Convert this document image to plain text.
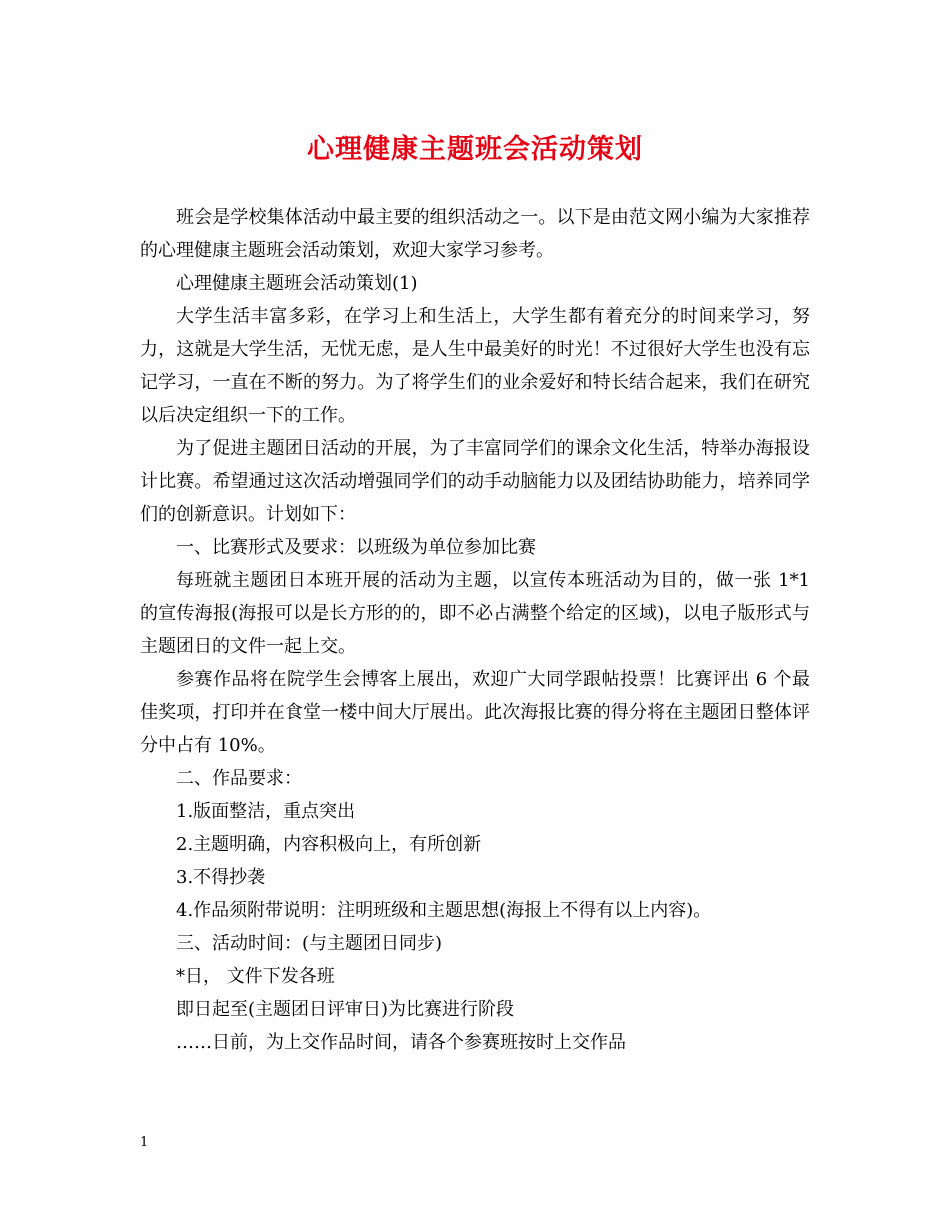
心理健康主题班会活动策划

班会是学校集体活动中最主要的组织活动之一。以下是由范文网小编为大家推荐的心理健康主题班会活动策划，欢迎大家学习参考。

心理健康主题班会活动策划(1)

大学生活丰富多彩，在学习上和生活上，大学生都有着充分的时间来学习，努力，这就是大学生活，无忧无虑，是人生中最美好的时光！不过很好大学生也没有忘记学习，一直在不断的努力。为了将学生们的业余爱好和特长结合起来，我们在研究以后决定组织一下的工作。

为了促进主题团日活动的开展，为了丰富同学们的课余文化生活，特举办海报设计比赛。希望通过这次活动增强同学们的动手动脑能力以及团结协助能力，培养同学们的创新意识。计划如下：

一、比赛形式及要求：以班级为单位参加比赛

每班就主题团日本班开展的活动为主题，以宣传本班活动为目的，做一张 1*1 的宣传海报(海报可以是长方形的的，即不必占满整个给定的区域)，以电子版形式与主题团日的文件一起上交。

参赛作品将在院学生会博客上展出，欢迎广大同学跟帖投票！比赛评出 6 个最佳奖项，打印并在食堂一楼中间大厅展出。此次海报比赛的得分将在主题团日整体评分中占有 10%。

二、作品要求：

1.版面整洁，重点突出

2.主题明确，内容积极向上，有所创新

3.不得抄袭

4.作品须附带说明：注明班级和主题思想(海报上不得有以上内容)。

三、活动时间：(与主题团日同步)

*日， 文件下发各班

即日起至(主题团日评审日)为比赛进行阶段

……日前，为上交作品时间，请各个参赛班按时上交作品

1
